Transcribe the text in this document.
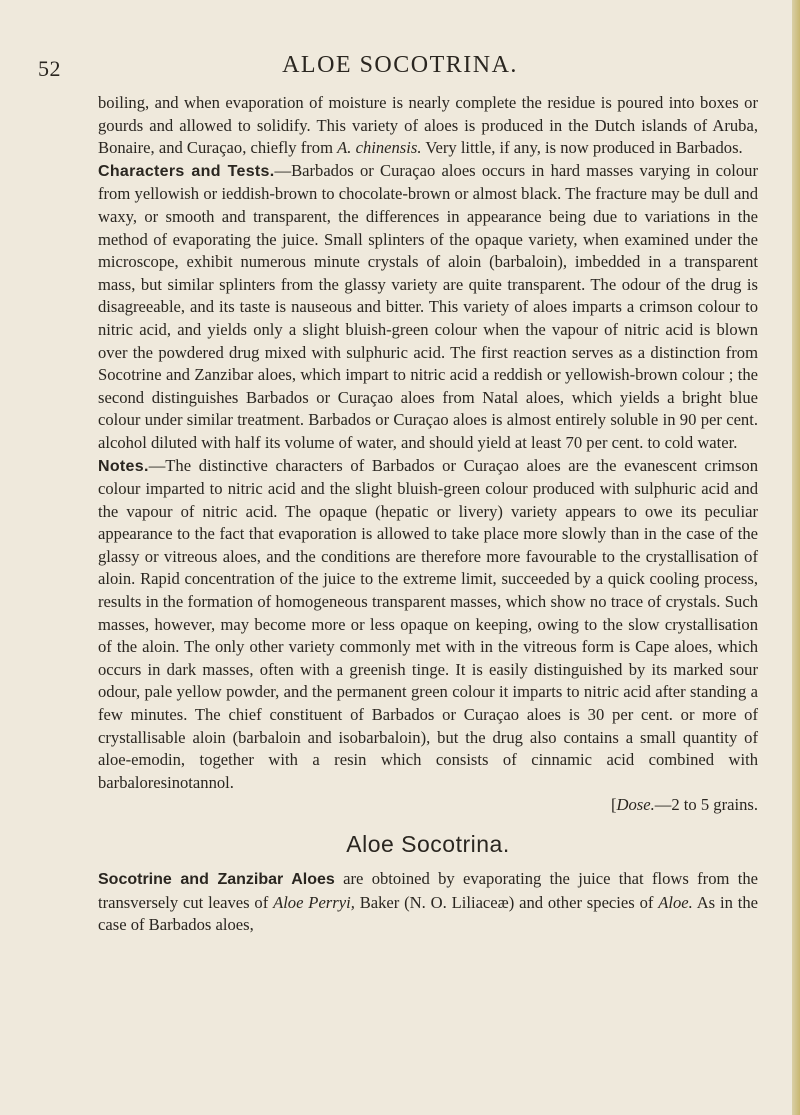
52	ALOE SOCOTRINA.

boiling, and when evaporation of moisture is nearly complete the residue is poured into boxes or gourds and allowed to solidify. This variety of aloes is produced in the Dutch islands of Aruba, Bonaire, and Curaçao, chiefly from A. chinensis. Very little, if any, is now produced in Barbados.

Characters and Tests.—Barbados or Curaçao aloes occurs in hard masses varying in colour from yellowish or ieddish-brown to chocolate-brown or almost black. The fracture may be dull and waxy, or smooth and transparent, the differences in appearance being due to variations in the method of evaporating the juice. Small splinters of the opaque variety, when examined under the microscope, exhibit numerous minute crystals of aloin (barbaloin), imbedded in a transparent mass, but similar splinters from the glassy variety are quite transparent. The odour of the drug is disagreeable, and its taste is nauseous and bitter. This variety of aloes imparts a crimson colour to nitric acid, and yields only a slight bluish-green colour when the vapour of nitric acid is blown over the powdered drug mixed with sulphuric acid. The first reaction serves as a distinction from Socotrine and Zanzibar aloes, which impart to nitric acid a reddish or yellowish-brown colour ; the second distinguishes Barbados or Curaçao aloes from Natal aloes, which yields a bright blue colour under similar treatment. Barbados or Curaçao aloes is almost entirely soluble in 90 per cent. alcohol diluted with half its volume of water, and should yield at least 70 per cent. to cold water.

Notes.—The distinctive characters of Barbados or Curaçao aloes are the evanescent crimson colour imparted to nitric acid and the slight bluish-green colour produced with sulphuric acid and the vapour of nitric acid. The opaque (hepatic or livery) variety appears to owe its peculiar appearance to the fact that evaporation is allowed to take place more slowly than in the case of the glassy or vitreous aloes, and the conditions are therefore more favourable to the crystallisation of aloin. Rapid concentration of the juice to the extreme limit, succeeded by a quick cooling process, results in the formation of homogeneous transparent masses, which show no trace of crystals. Such masses, however, may become more or less opaque on keeping, owing to the slow crystallisation of the aloin. The only other variety commonly met with in the vitreous form is Cape aloes, which occurs in dark masses, often with a greenish tinge. It is easily distinguished by its marked sour odour, pale yellow powder, and the permanent green colour it imparts to nitric acid after standing a few minutes. The chief constituent of Barbados or Curaçao aloes is 30 per cent. or more of crystallisable aloin (barbaloin and isobarbaloin), but the drug also contains a small quantity of aloe-emodin, together with a resin which consists of cinnamic acid combined with barbaloresinotannol.

[Dose.—2 to 5 grains.

Aloe Socotrina.

Socotrine and Zanzibar Aloes are obtoined by evaporating the juice that flows from the transversely cut leaves of Aloe Perryi, Baker (N. O. Liliaceæ) and other species of Aloe. As in the case of Barbados aloes,
